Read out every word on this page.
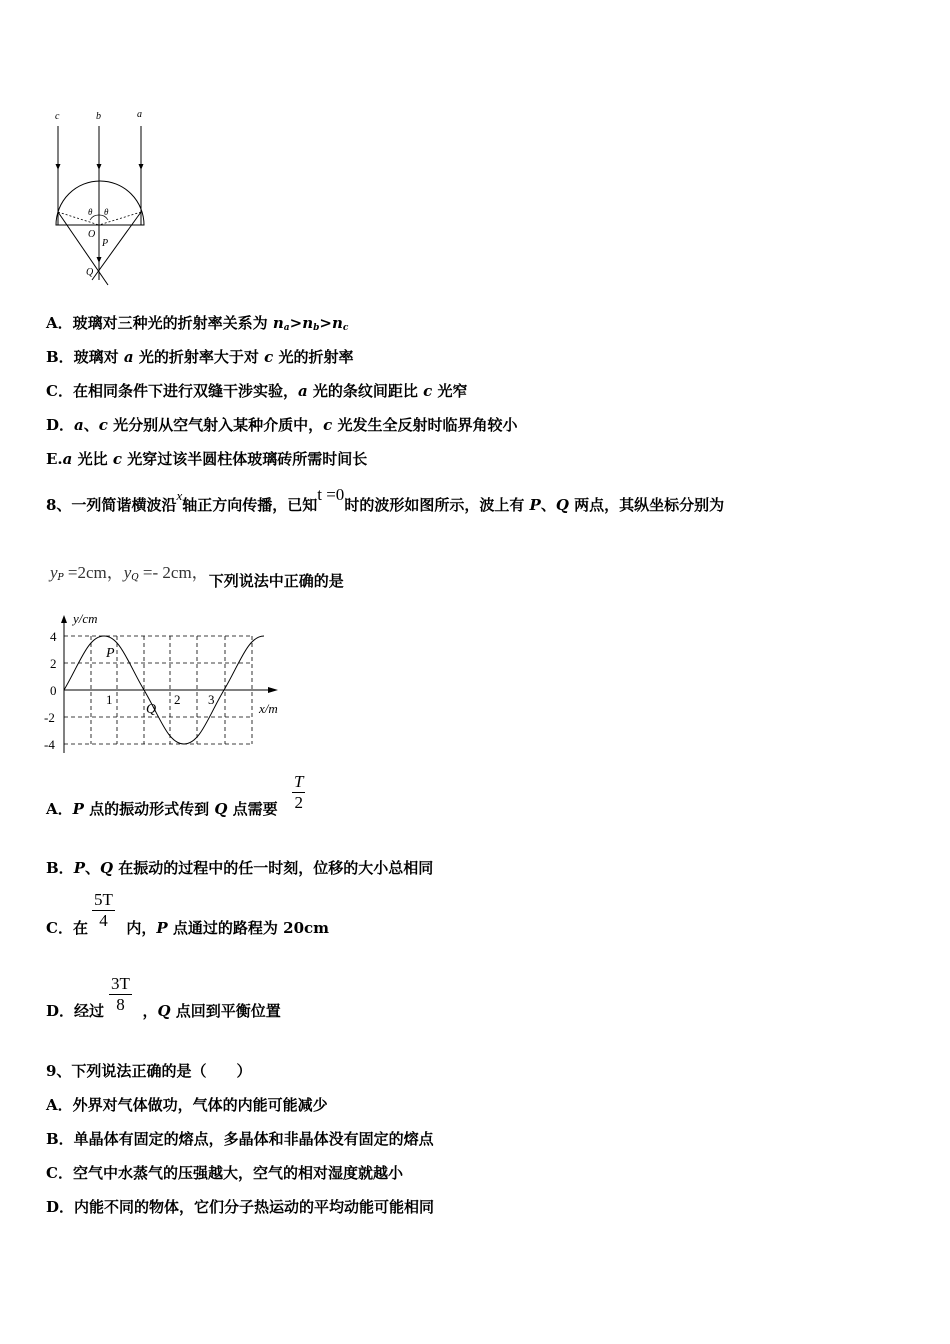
c	b	a
θ θ
O
P
Q
A．玻璃对三种光的折射率关系为 $n_a>n_b>n_c$
B．玻璃对 a 光的折射率大于对 c 光的折射率
C．在相同条件下进行双缝干涉实验，a 光的条纹间距比 c 光窄
D．a、c 光分别从空气射入某种介质中，c 光发生全反射时临界角较小
E.a 光比 c 光穿过该半圆柱体玻璃砖所需时间长
8、一列简谐横波沿x轴正方向传播，已知t =0时的波形如图所示，波上有 P、Q 两点，其纵坐标分别为
$y_P =2cm$，$y_Q =- 2cm$，下列说法中正确的是
y/cm
x/m
4
2
0
-2
-4
1	2 3
P
Q
A．P 点的振动形式传到 Q 点需要
T
2
B．P、Q 在振动的过程中的任一时刻，位移的大小总相同
C．在  内，P 点通过的路程为 20cm
5T
4
D．经过  ，Q 点回到平衡位置
3T
8
9、下列说法正确的是（　　）
A．外界对气体做功，气体的内能可能减少
B．单晶体有固定的熔点，多晶体和非晶体没有固定的熔点
C．空气中水蒸气的压强越大，空气的相对湿度就越小
D．内能不同的物体，它们分子热运动的平均动能可能相同
